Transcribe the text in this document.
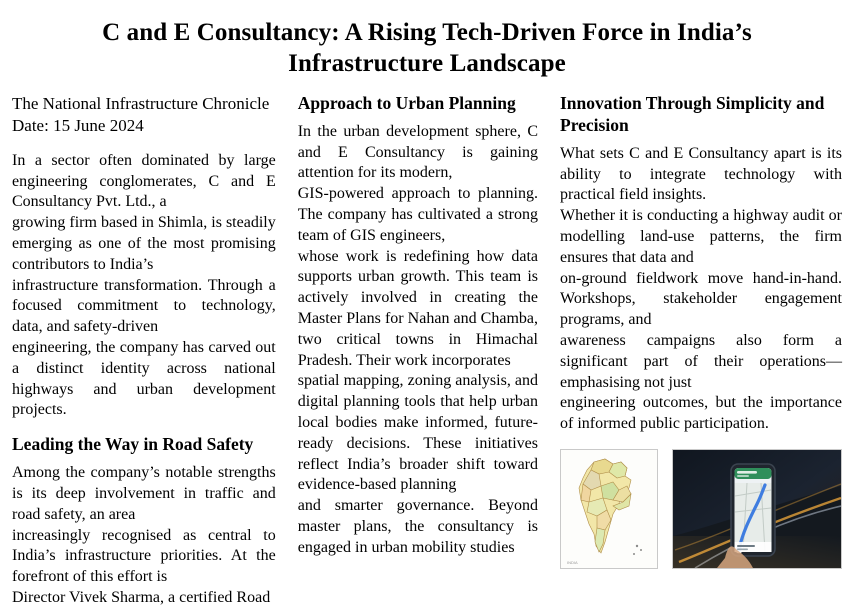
C and E Consultancy: A Rising Tech-Driven Force in India’s Infrastructure Landscape

The National Infrastructure Chronicle

Date: 15 June 2024

In a sector often dominated by large engineering conglomerates, C and E Consultancy Pvt. Ltd., a

growing firm based in Shimla, is steadily emerging as one of the most promising contributors to India’s

infrastructure transformation. Through a focused commitment to technology, data, and safety-driven

engineering, the company has carved out a distinct identity across national highways and urban development projects.

Leading the Way in Road Safety

Among the company’s notable strengths is its deep involvement in traffic and road safety, an area

increasingly recognised as central to India’s infrastructure priorities. At the forefront of this effort is

Director Vivek Sharma, a certified Road

Approach to Urban Planning

In the urban development sphere, C and E Consultancy is gaining attention for its modern,

GIS-powered approach to planning. The company has cultivated a strong team of GIS engineers,

whose work is redefining how data supports urban growth. This team is actively involved in creating the Master Plans for Nahan and Chamba, two critical towns in Himachal Pradesh. Their work incorporates

spatial mapping, zoning analysis, and digital planning tools that help urban local bodies make informed, future-ready decisions. These initiatives reflect India’s broader shift toward evidence-based planning

and smarter governance. Beyond master plans, the consultancy is engaged in urban mobility studies

Innovation Through Simplicity and Precision

What sets C and E Consultancy apart is its ability to integrate technology with practical field insights.

Whether it is conducting a highway audit or modelling land-use patterns, the firm ensures that data and

on-ground fieldwork move hand-in-hand. Workshops, stakeholder engagement programs, and

awareness campaigns also form a significant part of their operations— emphasising not just

engineering outcomes, but the importance of informed public participation.

INDIA
